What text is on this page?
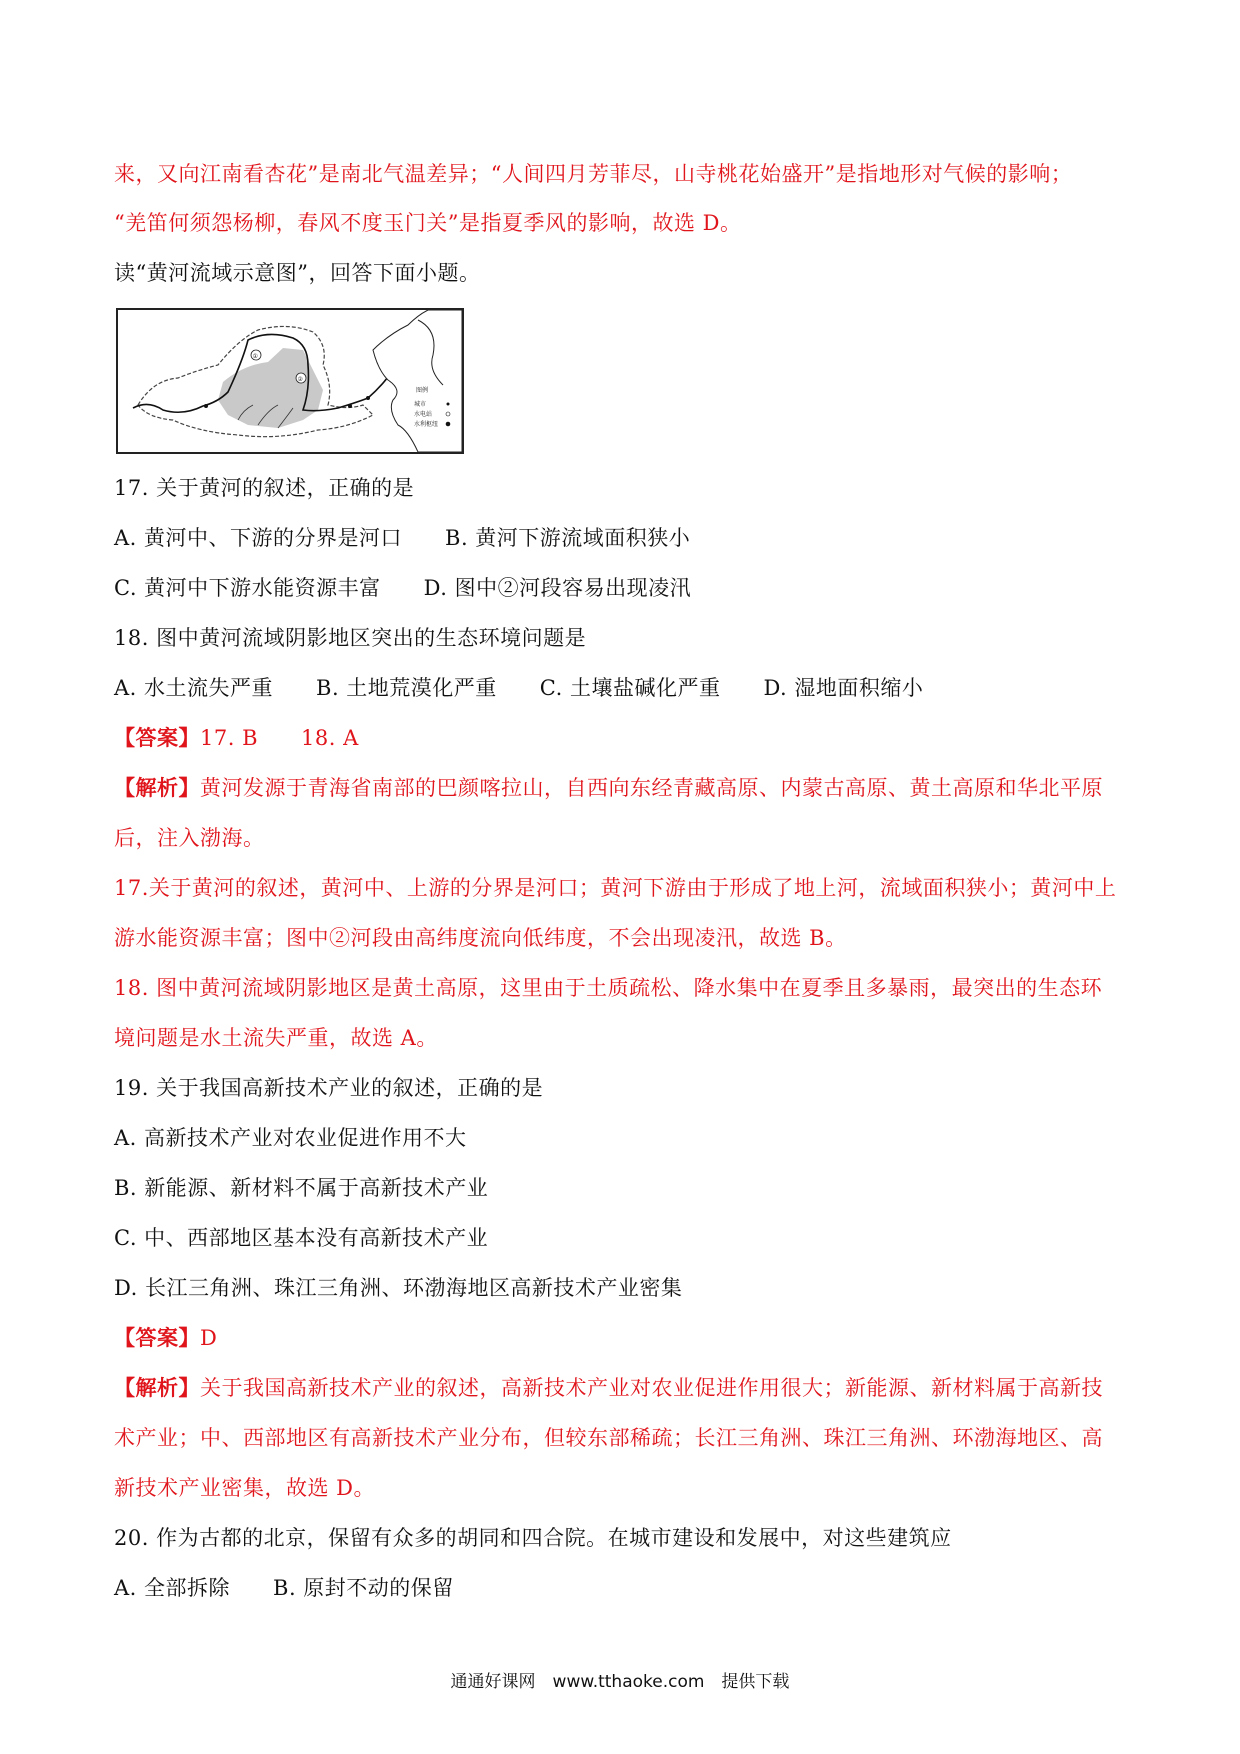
来，又向江南看杏花”是南北气温差异；“人间四月芳菲尽，山寺桃花始盛开”是指地形对气候的影响；
“羌笛何须怨杨柳，春风不度玉门关”是指夏季风的影响，故选 D。
读“黄河流域示意图”，回答下面小题。
①
②
图例
城市
水电站
水利枢纽
17. 关于黄河的叙述，正确的是
A. 黄河中、下游的分界是河口　　B. 黄河下游流域面积狭小
C. 黄河中下游水能资源丰富　　D. 图中②河段容易出现凌汛
18. 图中黄河流域阴影地区突出的生态环境问题是
A. 水土流失严重　　B. 土地荒漠化严重　　C. 土壤盐碱化严重　　D. 湿地面积缩小
【答案】17. B　　18. A
【解析】黄河发源于青海省南部的巴颜喀拉山，自西向东经青藏高原、内蒙古高原、黄土高原和华北平原
后，注入渤海。
17.关于黄河的叙述，黄河中、上游的分界是河口；黄河下游由于形成了地上河，流域面积狭小；黄河中上
游水能资源丰富；图中②河段由高纬度流向低纬度，不会出现凌汛，故选 B。
18. 图中黄河流域阴影地区是黄土高原，这里由于土质疏松、降水集中在夏季且多暴雨，最突出的生态环
境问题是水土流失严重，故选 A。
19. 关于我国高新技术产业的叙述，正确的是
A. 高新技术产业对农业促进作用不大
B. 新能源、新材料不属于高新技术产业
C. 中、西部地区基本没有高新技术产业
D. 长江三角洲、珠江三角洲、环渤海地区高新技术产业密集
【答案】D
【解析】关于我国高新技术产业的叙述，高新技术产业对农业促进作用很大；新能源、新材料属于高新技
术产业；中、西部地区有高新技术产业分布，但较东部稀疏；长江三角洲、珠江三角洲、环渤海地区、高
新技术产业密集，故选 D。
20. 作为古都的北京，保留有众多的胡同和四合院。在城市建设和发展中，对这些建筑应
A. 全部拆除　　B. 原封不动的保留
通通好课网　www.tthaoke.com　提供下载
